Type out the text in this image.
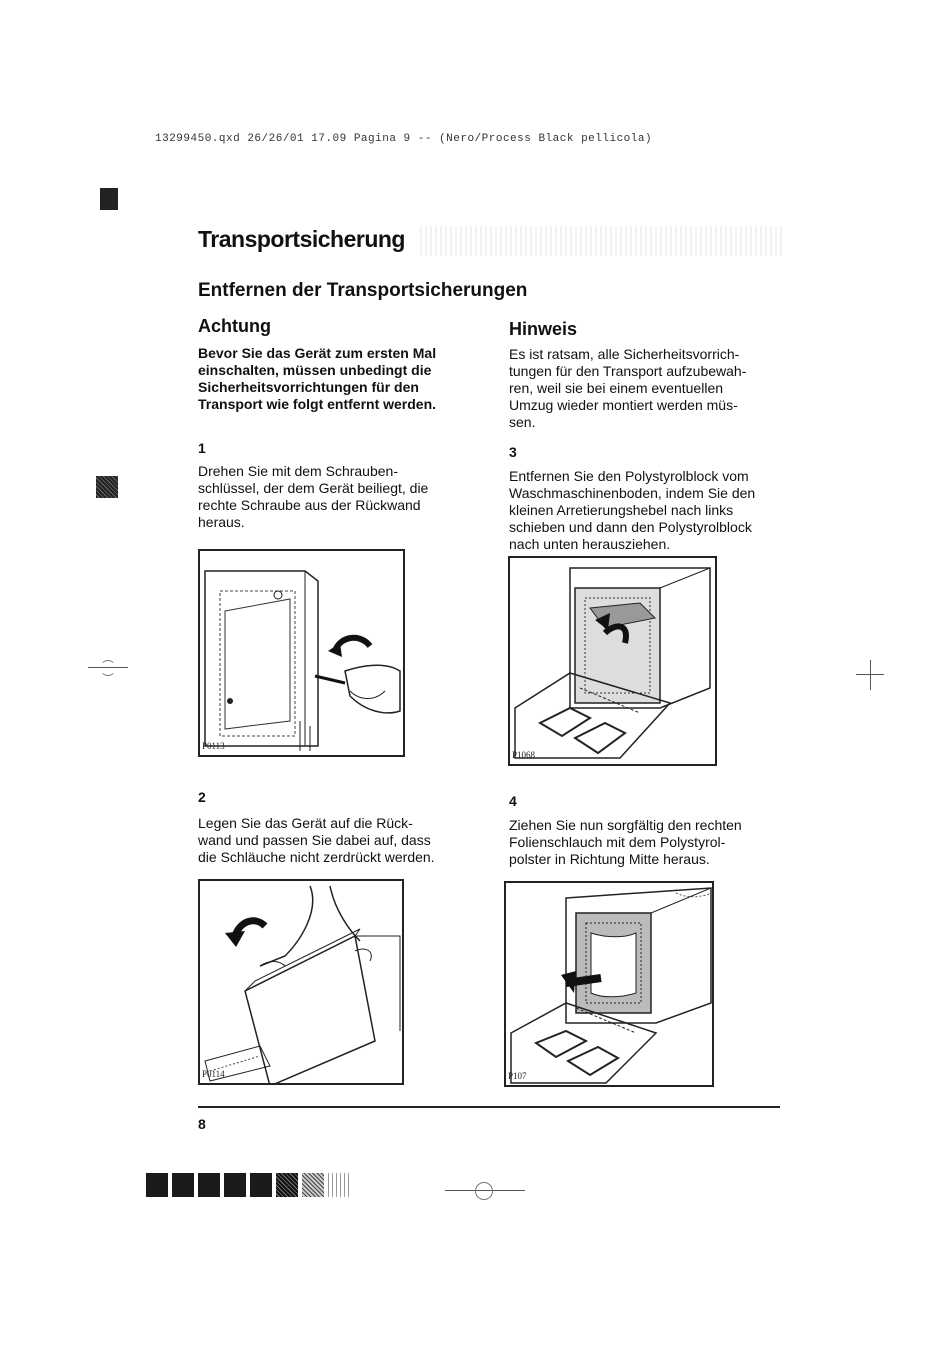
13299450.qxd 26/26/01 17.09 Pagina 9 -- (Nero/Process Black pellicola)
Transportsicherung
Entfernen der Transportsicherungen
Achtung
Bevor Sie das Gerät zum ersten Mal
einschalten, müssen unbedingt die
Sicherheitsvorrichtungen für den
Transport wie folgt entfernt werden.
Hinweis
Es ist ratsam, alle Sicherheitsvorrich-
tungen für den Transport aufzubewah-
ren, weil sie bei einem eventuellen
Umzug wieder montiert werden müs-
sen.
1
Drehen Sie mit dem Schrauben-
schlüssel, der dem Gerät beiliegt, die
rechte Schraube aus der Rückwand
heraus.
P0113
3
Entfernen Sie den Polystyrolblock vom
Waschmaschinenboden, indem Sie den
kleinen Arretierungshebel nach links
schieben und dann den Polystyrolblock
nach unten herausziehen.
P1068
2
Legen Sie das Gerät auf die Rück-
wand und passen Sie dabei auf, dass
die Schläuche nicht zerdrückt werden.
P0114
4
Ziehen Sie nun sorgfältig den rechten
Folienschlauch mit dem Polystyrol-
polster in Richtung Mitte heraus.
P107
8
